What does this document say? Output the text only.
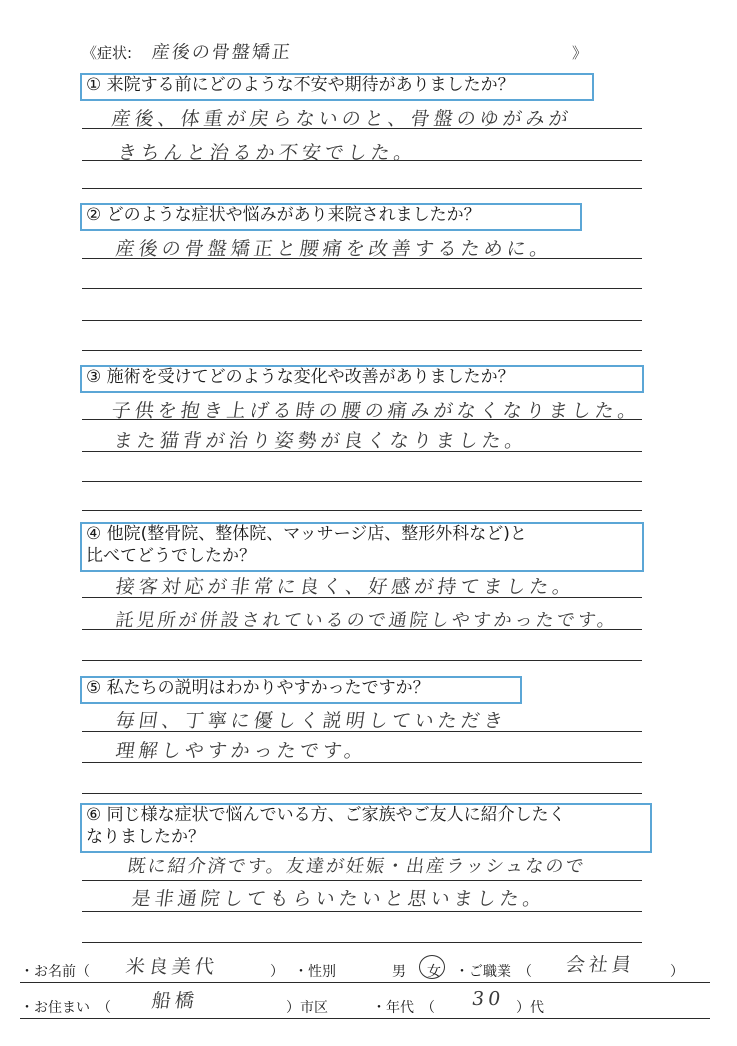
《症状: 産後の骨盤矯正	》
① 来院する前にどのような不安や期待がありましたか？
産後、体重が戻らないのと、骨盤のゆがみが
きちんと治るか不安でした。
② どのような症状や悩みがあり来院されましたか？
産後の骨盤矯正と腰痛を改善するために。
③ 施術を受けてどのような変化や改善がありましたか？
子供を抱き上げる時の腰の痛みがなくなりました。
また猫背が治り姿勢が良くなりました。
④ 他院(整骨院、整体院、マッサージ店、整形外科など)と
比べてどうでしたか？
接客対応が非常に良く、好感が持てました。
託児所が併設されているので通院しやすかったです。
⑤ 私たちの説明はわかりやすかったですか？
毎回、丁寧に優しく説明していただき
理解しやすかったです。
⑥ 同じ様な症状で悩んでいる方、ご家族やご友人に紹介したく
なりましたか？
既に紹介済です。友達が妊娠・出産ラッシュなので
是非通院してもらいたいと思いました。
・お名前（ 米良美代	） ・性別	男 女 ・ご職業　（ 会社員 ）
・お住まい　（ 船橋	）市区	・年代　（ 30 ）代
